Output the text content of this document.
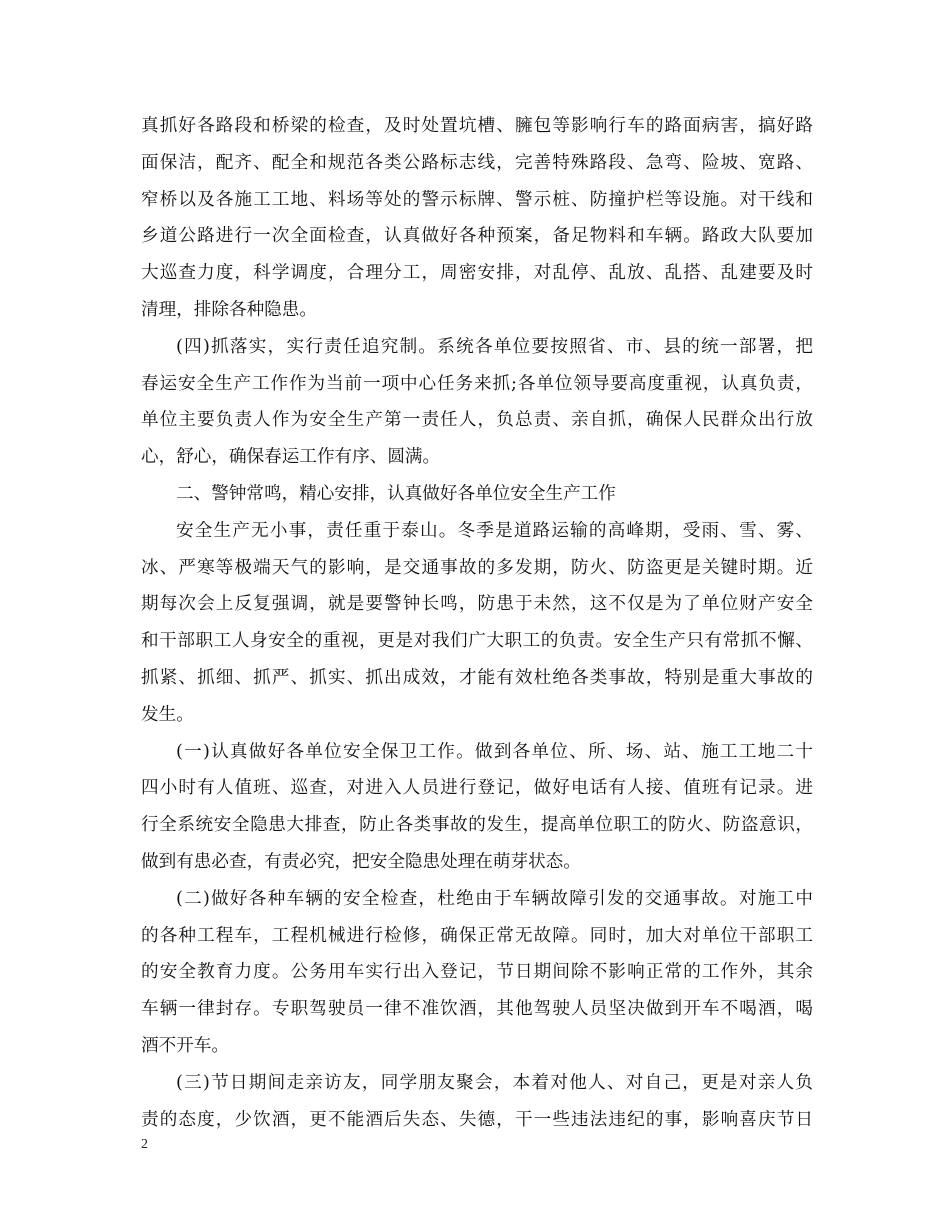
真抓好各路段和桥梁的检查，及时处置坑槽、臃包等影响行车的路面病害，搞好路
面保洁，配齐、配全和规范各类公路标志线，完善特殊路段、急弯、险坡、宽路、
窄桥以及各施工工地、料场等处的警示标牌、警示桩、防撞护栏等设施。对干线和
乡道公路进行一次全面检查，认真做好各种预案，备足物料和车辆。路政大队要加
大巡查力度，科学调度，合理分工，周密安排，对乱停、乱放、乱搭、乱建要及时
清理，排除各种隐患。
(四)抓落实，实行责任追究制。系统各单位要按照省、市、县的统一部署，把
春运安全生产工作作为当前一项中心任务来抓;各单位领导要高度重视，认真负责，
单位主要负责人作为安全生产第一责任人，负总责、亲自抓，确保人民群众出行放
心，舒心，确保春运工作有序、圆满。
二、警钟常鸣，精心安排，认真做好各单位安全生产工作
安全生产无小事，责任重于泰山。冬季是道路运输的高峰期，受雨、雪、雾、
冰、严寒等极端天气的影响，是交通事故的多发期，防火、防盗更是关键时期。近
期每次会上反复强调，就是要警钟长鸣，防患于未然，这不仅是为了单位财产安全
和干部职工人身安全的重视，更是对我们广大职工的负责。安全生产只有常抓不懈、
抓紧、抓细、抓严、抓实、抓出成效，才能有效杜绝各类事故，特别是重大事故的
发生。
(一)认真做好各单位安全保卫工作。做到各单位、所、场、站、施工工地二十
四小时有人值班、巡查，对进入人员进行登记，做好电话有人接、值班有记录。进
行全系统安全隐患大排查，防止各类事故的发生，提高单位职工的防火、防盗意识，
做到有患必查，有责必究，把安全隐患处理在萌芽状态。
(二)做好各种车辆的安全检查，杜绝由于车辆故障引发的交通事故。对施工中
的各种工程车，工程机械进行检修，确保正常无故障。同时，加大对单位干部职工
的安全教育力度。公务用车实行出入登记，节日期间除不影响正常的工作外，其余
车辆一律封存。专职驾驶员一律不准饮酒，其他驾驶人员坚决做到开车不喝酒，喝
酒不开车。
(三)节日期间走亲访友，同学朋友聚会，本着对他人、对自己，更是对亲人负
责的态度，少饮酒，更不能酒后失态、失德，干一些违法违纪的事，影响喜庆节日
2
